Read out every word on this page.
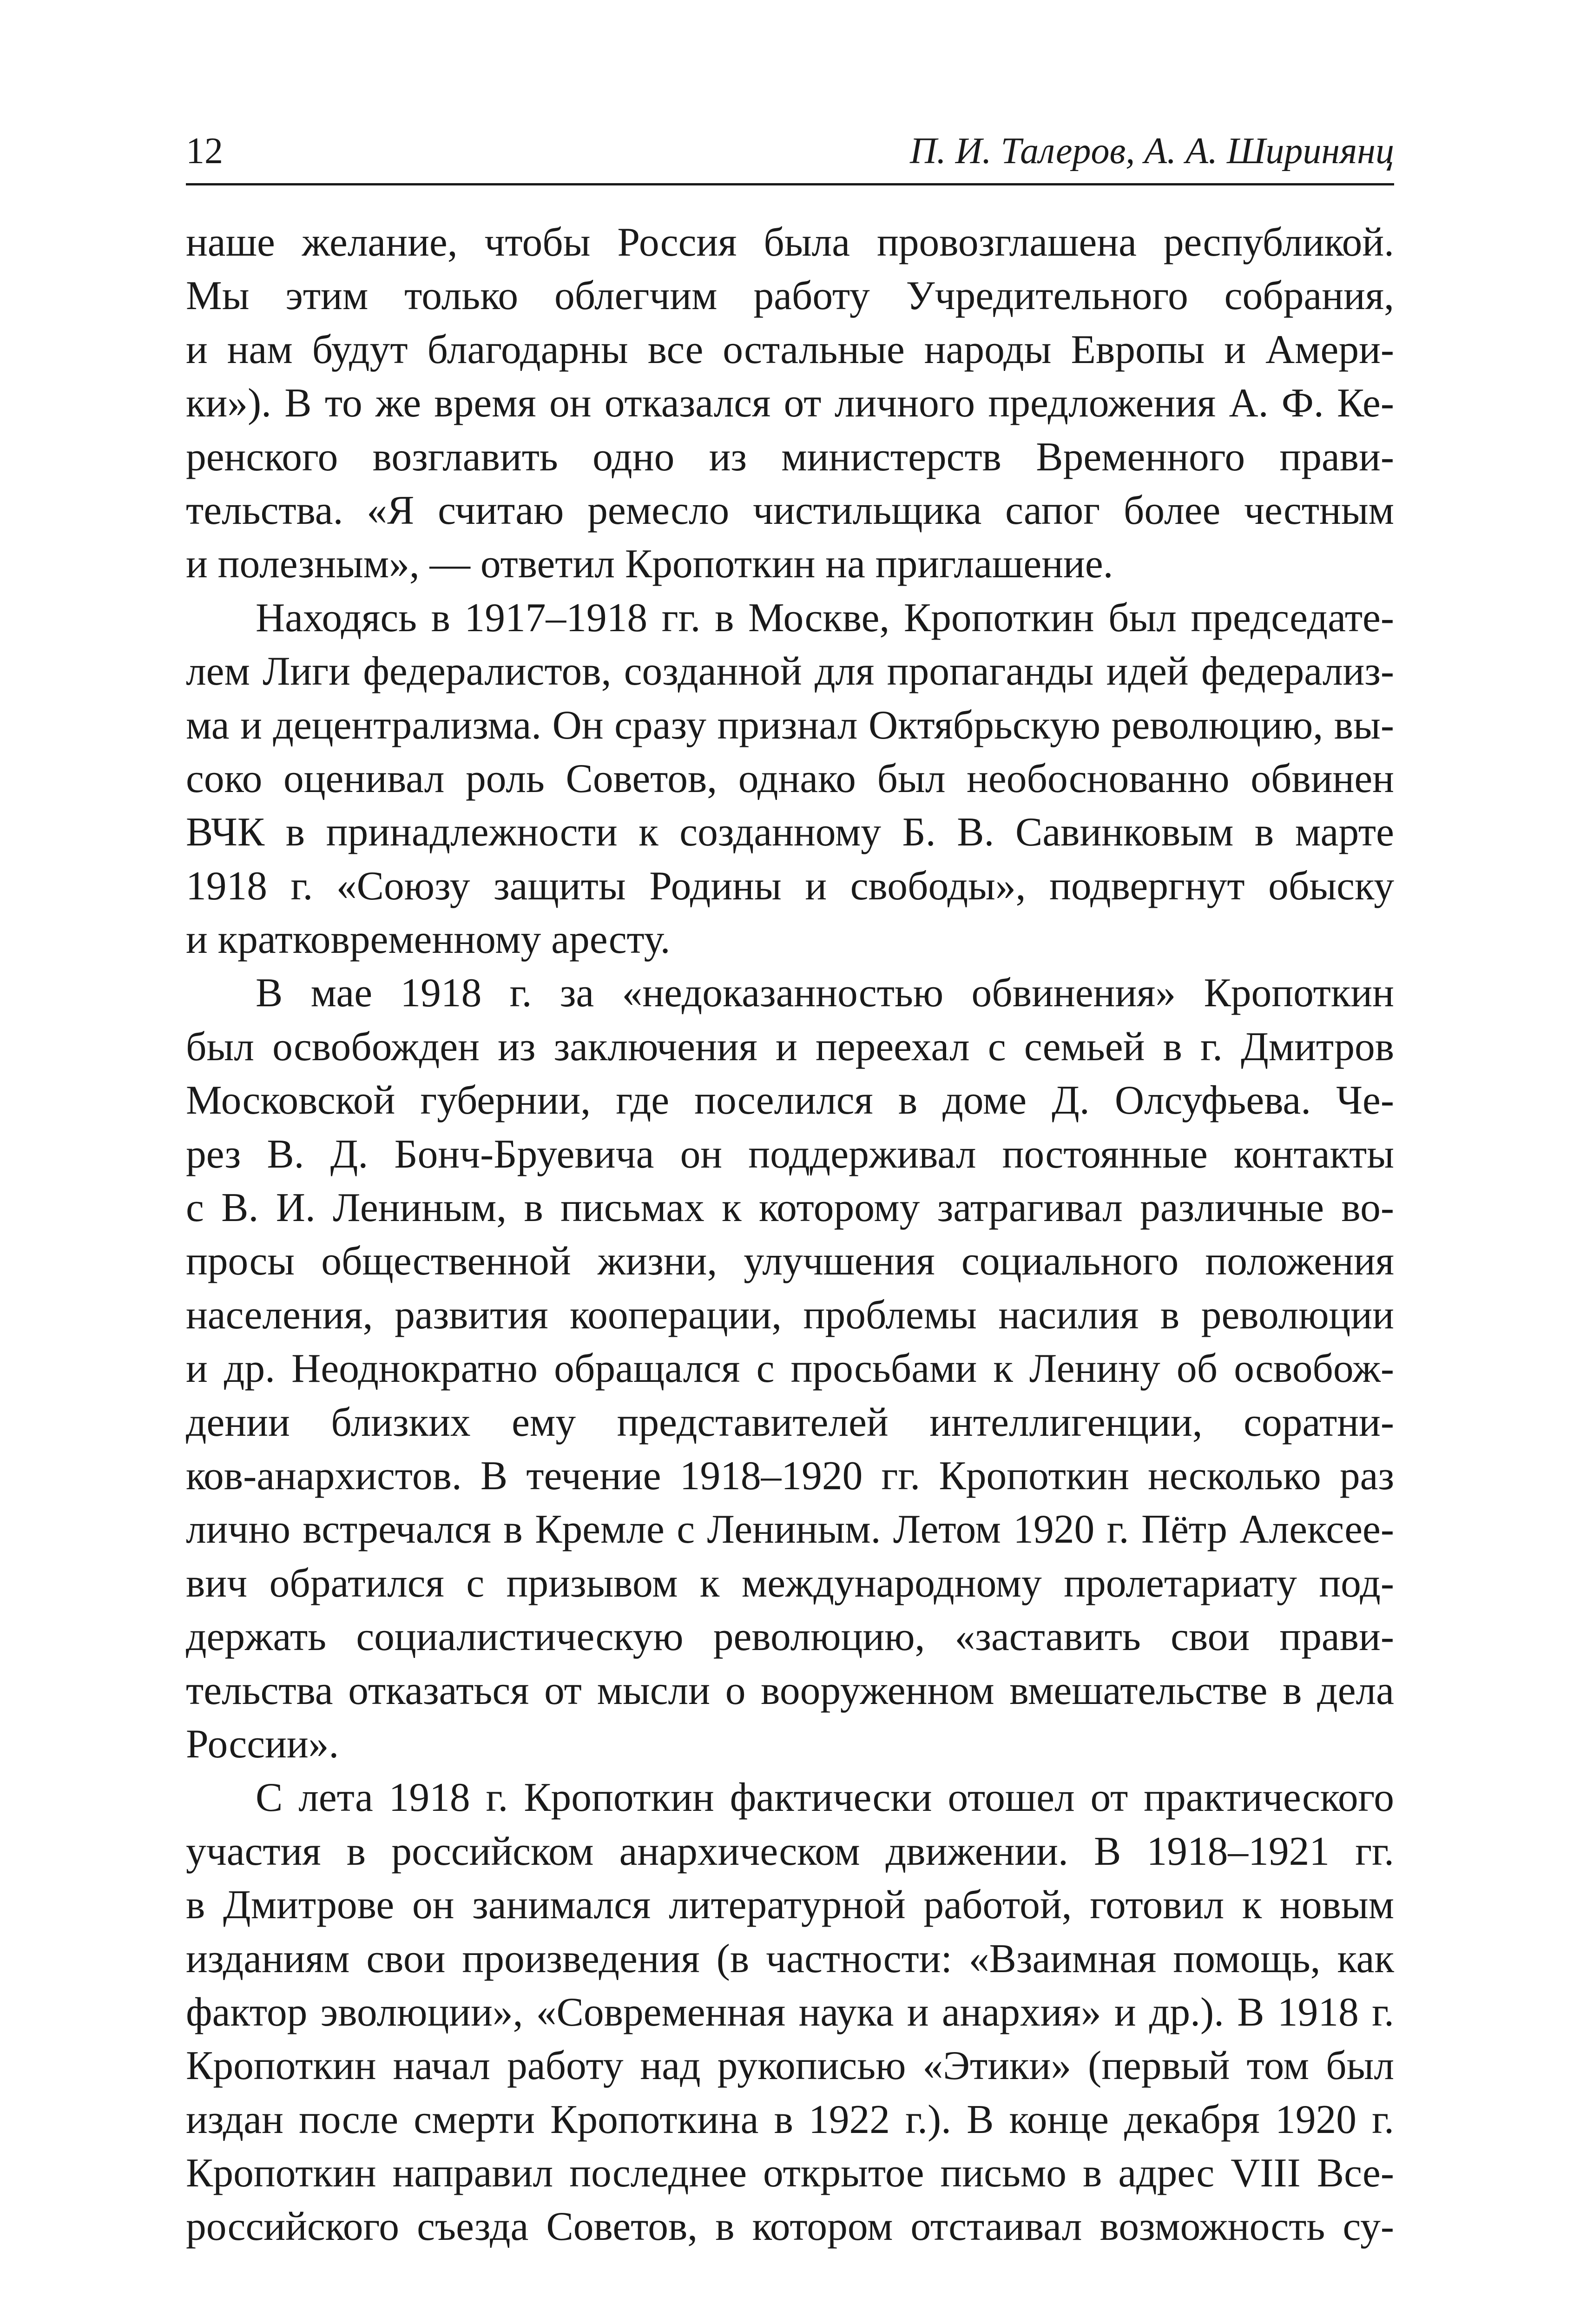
12	П. И. Талеров, А. А. Ширинянц
наше желание, чтобы Россия была провозглашена республикой.
Мы этим только облегчим работу Учредительного собрания,
и нам будут благодарны все остальные народы Европы и Амери-
ки»). В то же время он отказался от личного предложения А. Ф. Ке-
ренского возглавить одно из министерств Временного прави-
тельства. «Я считаю ремесло чистильщика сапог более честным
и полезным», — ответил Кропоткин на приглашение.
Находясь в 1917–1918 гг. в Москве, Кропоткин был председате-
лем Лиги федералистов, созданной для пропаганды идей федерализ-
ма и децентрализма. Он сразу признал Октябрьскую революцию, вы-
соко оценивал роль Советов, однако был необоснованно обвинен
ВЧК в принадлежности к созданному Б. В. Савинковым в марте
1918 г. «Союзу защиты Родины и свободы», подвергнут обыску
и кратковременному аресту.
В мае 1918 г. за «недоказанностью обвинения» Кропоткин
был освобожден из заключения и переехал с семьей в г. Дмитров
Московской губернии, где поселился в доме Д. Олсуфьева. Че-
рез В. Д. Бонч-Бруевича он поддерживал постоянные контакты
с В. И. Лениным, в письмах к которому затрагивал различные во-
просы общественной жизни, улучшения социального положения
населения, развития кооперации, проблемы насилия в революции
и др. Неоднократно обращался с просьбами к Ленину об освобож-
дении близких ему представителей интеллигенции, соратни-
ков-анархистов. В течение 1918–1920 гг. Кропоткин несколько раз
лично встречался в Кремле с Лениным. Летом 1920 г. Пётр Алексее-
вич обратился с призывом к международному пролетариату под-
держать социалистическую революцию, «заставить свои прави-
тельства отказаться от мысли о вооруженном вмешательстве в дела
России».
С лета 1918 г. Кропоткин фактически отошел от практического
участия в российском анархическом движении. В 1918–1921 гг.
в Дмитрове он занимался литературной работой, готовил к новым
изданиям свои произведения (в частности: «Взаимная помощь, как
фактор эволюции», «Современная наука и анархия» и др.). В 1918 г.
Кропоткин начал работу над рукописью «Этики» (первый том был
издан после смерти Кропоткина в 1922 г.). В конце декабря 1920 г.
Кропоткин направил последнее открытое письмо в адрес VIII Все-
российского съезда Советов, в котором отстаивал возможность су-
